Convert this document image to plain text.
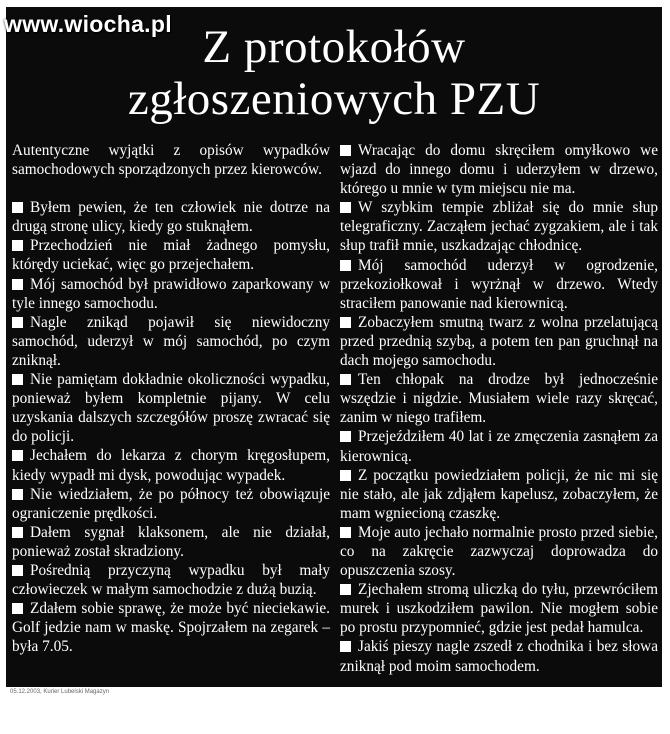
Z protokołów
zgłoszeniowych PZU

Autentyczne wyjątki z opisów wypadków samochodowych sporządzonych przez kierowców.

Byłem pewien, że ten człowiek nie dotrze na drugą stronę ulicy, kiedy go stuknąłem.

Przechodzień nie miał żadnego pomysłu, którędy uciekać, więc go przejechałem.

Mój samochód był prawidłowo zaparkowany w tyle innego samochodu.

Nagle znikąd pojawił się niewidoczny samochód, uderzył w mój samochód, po czym zniknął.

Nie pamiętam dokładnie okoliczności wypadku, ponieważ byłem kompletnie pijany. W celu uzyskania dalszych szczegółów proszę zwracać się do policji.

Jechałem do lekarza z chorym kręgosłupem, kiedy wypadł mi dysk, powodując wypadek.

Nie wiedziałem, że po północy też obowiązuje ograniczenie prędkości.

Dałem sygnał klaksonem, ale nie działał, ponieważ został skradziony.

Pośrednią przyczyną wypadku był mały człowieczek w małym samochodzie z dużą buzią.

Zdałem sobie sprawę, że może być nieciekawie. Golf jedzie nam w maskę. Spojrzałem na zegarek – była 7.05.

Wracając do domu skręciłem omyłkowo we wjazd do innego domu i uderzyłem w drzewo, którego u mnie w tym miejscu nie ma.

W szybkim tempie zbliżał się do mnie słup telegraficzny. Zacząłem jechać zygzakiem, ale i tak słup trafił mnie, uszkadzając chłodnicę.

Mój samochód uderzył w ogrodzenie, przekoziołkował i wyrżnął w drzewo. Wtedy straciłem panowanie nad kierownicą.

Zobaczyłem smutną twarz z wolna przelatującą przed przednią szybą, a potem ten pan gruchnął na dach mojego samochodu.

Ten chłopak na drodze był jednocześnie wszędzie i nigdzie. Musiałem wiele razy skręcać, zanim w niego trafiłem.

Przejeździłem 40 lat i ze zmęczenia zasnąłem za kierownicą.

Z początku powiedziałem policji, że nic mi się nie stało, ale jak zdjąłem kapelusz, zobaczyłem, że mam wgniecioną czaszkę.

Moje auto jechało normalnie prosto przed siebie, co na zakręcie zazwyczaj doprowadza do opuszczenia szosy.

Zjechałem stromą uliczką do tyłu, przewróciłem murek i uszkodziłem pawilon. Nie mogłem sobie po prostu przypomnieć, gdzie jest pedał hamulca.

Jakiś pieszy nagle zszedł z chodnika i bez słowa zniknął pod moim samochodem.

www.wiocha.pl
05.12.2003, Kurier Lubelski Magazyn
